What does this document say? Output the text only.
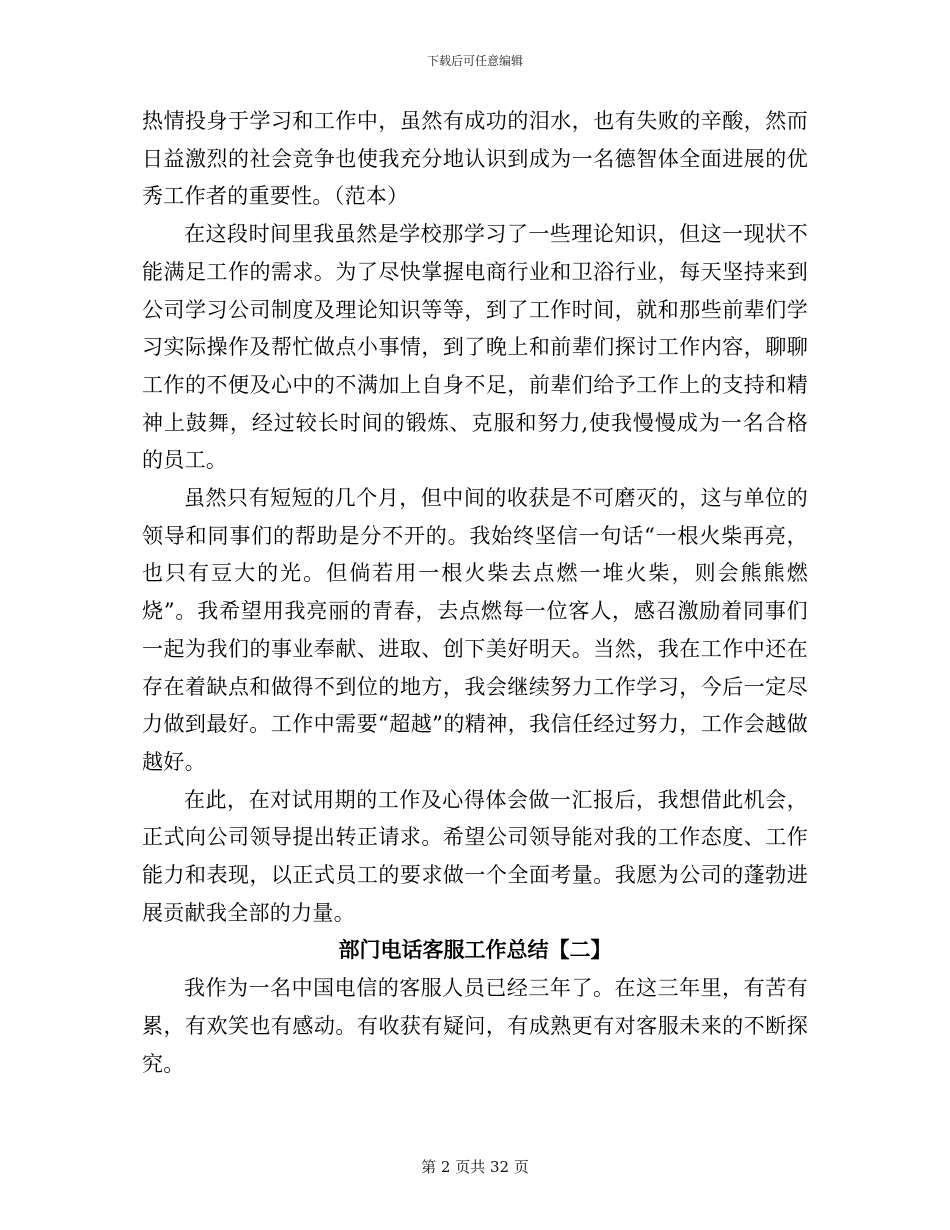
下载后可任意编辑

热情投身于学习和工作中，虽然有成功的泪水，也有失败的辛酸，然而日益激烈的社会竞争也使我充分地认识到成为一名德智体全面进展的优秀工作者的重要性。（范本）

在这段时间里我虽然是学校那学习了一些理论知识，但这一现状不能满足工作的需求。为了尽快掌握电商行业和卫浴行业，每天坚持来到公司学习公司制度及理论知识等等，到了工作时间，就和那些前辈们学习实际操作及帮忙做点小事情，到了晚上和前辈们探讨工作内容，聊聊工作的不便及心中的不满加上自身不足，前辈们给予工作上的支持和精神上鼓舞，经过较长时间的锻炼、克服和努力,使我慢慢成为一名合格的员工。

虽然只有短短的几个月，但中间的收获是不可磨灭的，这与单位的领导和同事们的帮助是分不开的。我始终坚信一句话“一根火柴再亮，也只有豆大的光。但倘若用一根火柴去点燃一堆火柴，则会熊熊燃烧”。我希望用我亮丽的青春，去点燃每一位客人，感召激励着同事们一起为我们的事业奉献、进取、创下美好明天。当然，我在工作中还在存在着缺点和做得不到位的地方，我会继续努力工作学习，今后一定尽力做到最好。工作中需要“超越”的精神，我信任经过努力，工作会越做越好。

在此，在对试用期的工作及心得体会做一汇报后，我想借此机会，正式向公司领导提出转正请求。希望公司领导能对我的工作态度、工作能力和表现，以正式员工的要求做一个全面考量。我愿为公司的蓬勃进展贡献我全部的力量。

部门电话客服工作总结【二】

我作为一名中国电信的客服人员已经三年了。在这三年里，有苦有累，有欢笑也有感动。有收获有疑问，有成熟更有对客服未来的不断探究。

第 2 页共 32 页
